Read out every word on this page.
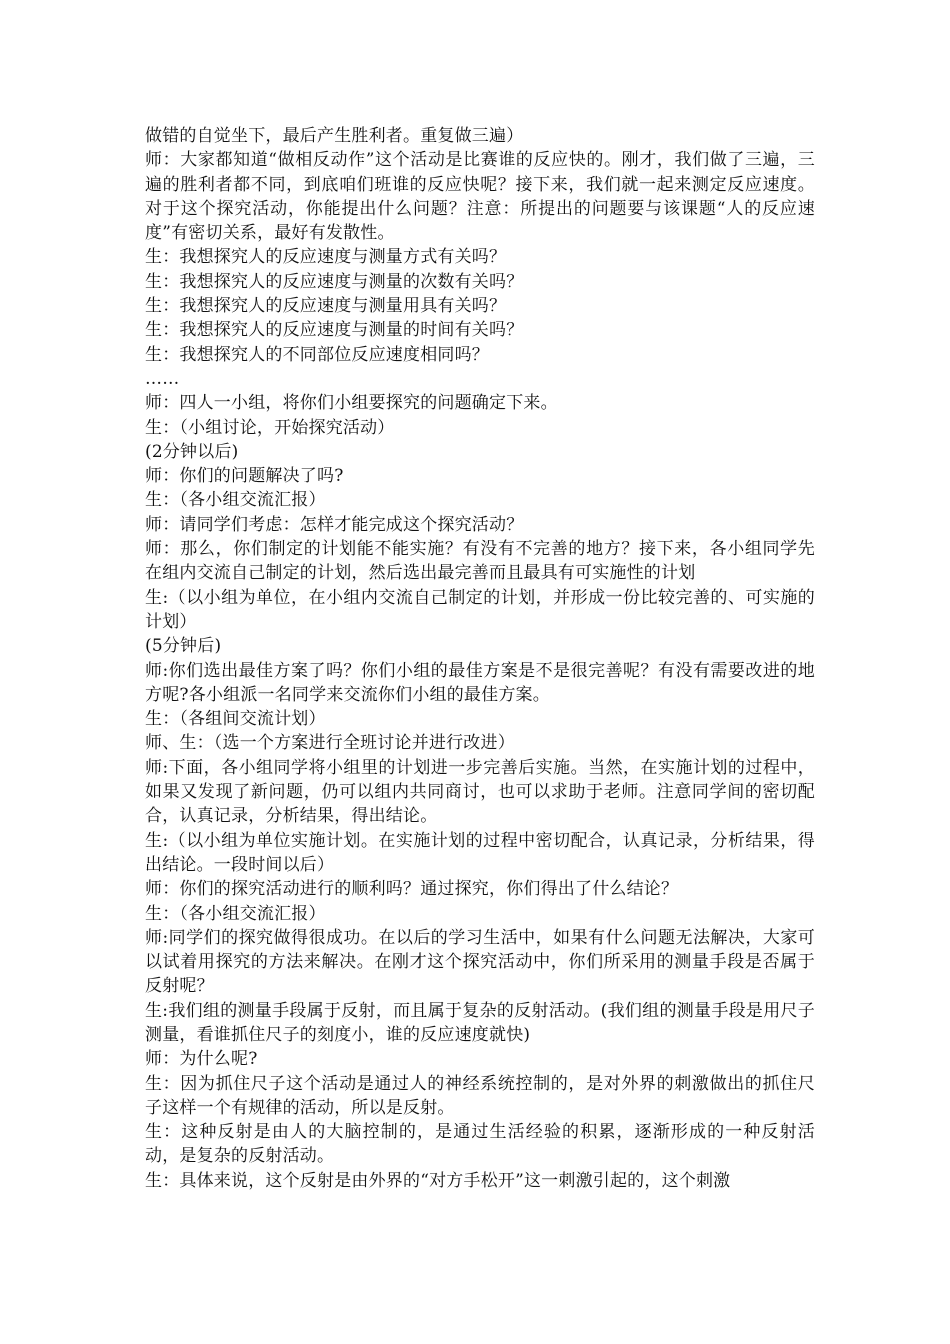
做错的自觉坐下，最后产生胜利者。重复做三遍）

师：大家都知道“做相反动作”这个活动是比赛谁的反应快的。刚才，我们做了三遍，三遍的胜利者都不同，到底咱们班谁的反应快呢？接下来，我们就一起来测定反应速度。对于这个探究活动，你能提出什么问题？注意：所提出的问题要与该课题“人的反应速度”有密切关系，最好有发散性。

生：我想探究人的反应速度与测量方式有关吗？

生：我想探究人的反应速度与测量的次数有关吗？

生：我想探究人的反应速度与测量用具有关吗？

生：我想探究人的反应速度与测量的时间有关吗？

生：我想探究人的不同部位反应速度相同吗？

……

师：四人一小组，将你们小组要探究的问题确定下来。

生：（小组讨论，开始探究活动）

(2分钟以后)

师：你们的问题解决了吗?

生：（各小组交流汇报）

师：请同学们考虑：怎样才能完成这个探究活动？

师：那么，你们制定的计划能不能实施？有没有不完善的地方？接下来，各小组同学先在组内交流自己制定的计划，然后选出最完善而且最具有可实施性的计划

生:（以小组为单位，在小组内交流自己制定的计划，并形成一份比较完善的、可实施的计划）

(5分钟后)

师:你们选出最佳方案了吗？你们小组的最佳方案是不是很完善呢？有没有需要改进的地方呢?各小组派一名同学来交流你们小组的最佳方案。

生：（各组间交流计划）

师、生：（选一个方案进行全班讨论并进行改进）

师:下面，各小组同学将小组里的计划进一步完善后实施。当然，在实施计划的过程中，如果又发现了新问题，仍可以组内共同商讨，也可以求助于老师。注意同学间的密切配合，认真记录，分析结果，得出结论。

生:（以小组为单位实施计划。在实施计划的过程中密切配合，认真记录，分析结果，得出结论。一段时间以后）

师：你们的探究活动进行的顺利吗？通过探究，你们得出了什么结论？

生：（各小组交流汇报）

师:同学们的探究做得很成功。在以后的学习生活中，如果有什么问题无法解决，大家可以试着用探究的方法来解决。在刚才这个探究活动中，你们所采用的测量手段是否属于反射呢？

生:我们组的测量手段属于反射，而且属于复杂的反射活动。(我们组的测量手段是用尺子测量，看谁抓住尺子的刻度小，谁的反应速度就快)

师：为什么呢?

生：因为抓住尺子这个活动是通过人的神经系统控制的，是对外界的刺激做出的抓住尺子这样一个有规律的活动，所以是反射。

生：这种反射是由人的大脑控制的，是通过生活经验的积累，逐渐形成的一种反射活动，是复杂的反射活动。

生：具体来说，这个反射是由外界的“对方手松开”这一刺激引起的，这个刺激
